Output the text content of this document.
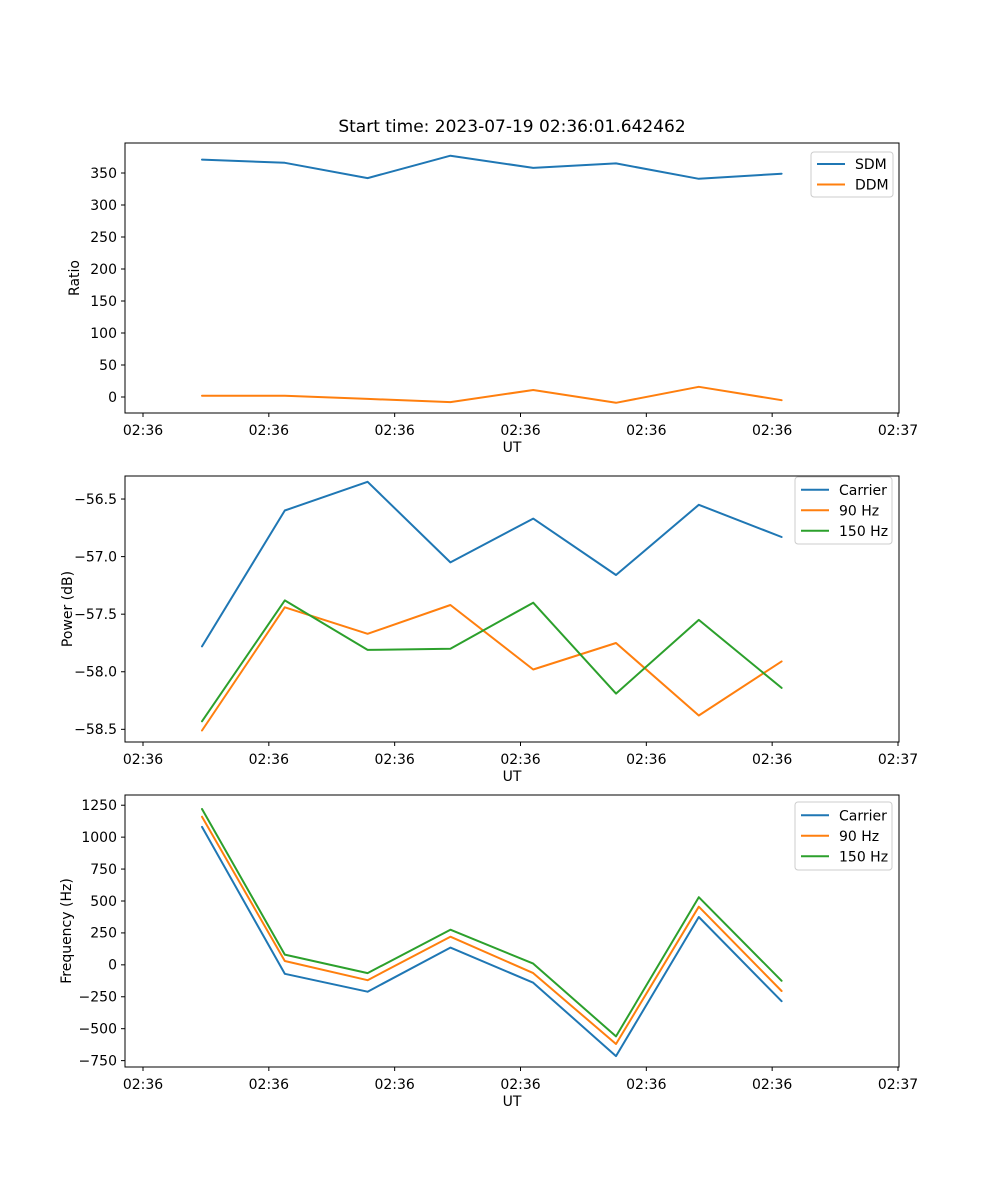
Start time: 2023-07-19 02:36:01.642462
0
50
100
150
200
250
300
350
02:36	02:36	02:36	02:36	02:36	02:36	02:37
UT
Ratio
SDM
DDM
−56.5
−57.0
−57.5
−58.0
−58.5
02:36	02:36	02:36	02:36	02:36	02:36	02:37
UT
Power (dB)
Carrier
90 Hz
150 Hz
1250
1000
750
500
250
0
−250
−500
−750
02:36	02:36	02:36	02:36	02:36	02:36	02:37
UT
Frequency (Hz)
Carrier
90 Hz
150 Hz
